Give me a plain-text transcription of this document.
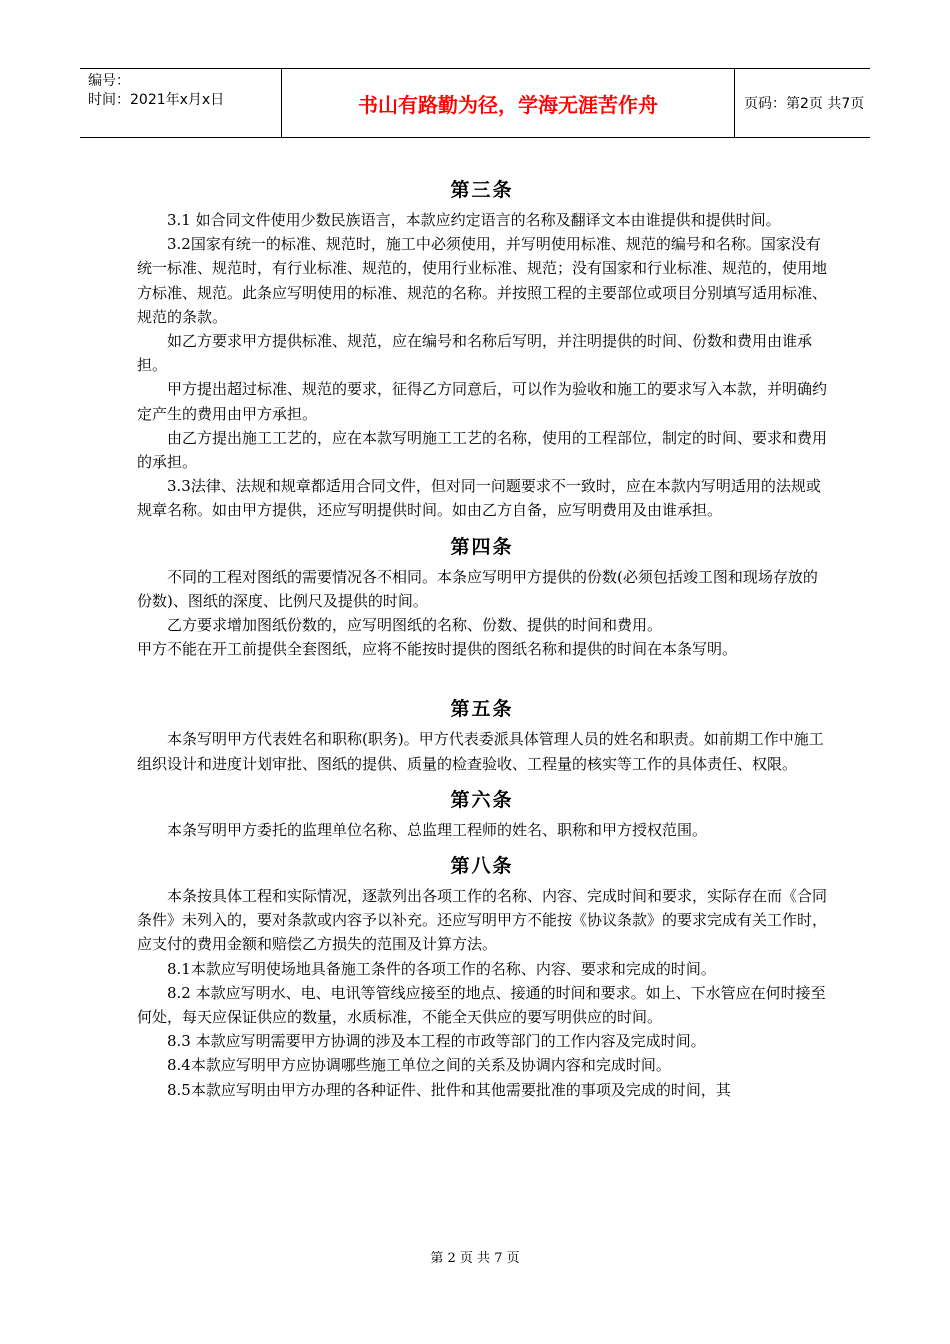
编号：
时间：2021年x月x日	书山有路勤为径，学海无涯苦作舟	页码：第2页 共7页
第三条

3.1 如合同文件使用少数民族语言，本款应约定语言的名称及翻译文本由谁提供和提供时间。

3.2国家有统一的标准、规范时，施工中必须使用，并写明使用标准、规范的编号和名称。国家没有统一标准、规范时，有行业标准、规范的，使用行业标准、规范；没有国家和行业标准、规范的，使用地方标准、规范。此条应写明使用的标准、规范的名称。并按照工程的主要部位或项目分别填写适用标准、规范的条款。

如乙方要求甲方提供标准、规范，应在编号和名称后写明，并注明提供的时间、份数和费用由谁承担。

甲方提出超过标准、规范的要求，征得乙方同意后，可以作为验收和施工的要求写入本款，并明确约定产生的费用由甲方承担。

由乙方提出施工工艺的，应在本款写明施工工艺的名称，使用的工程部位，制定的时间、要求和费用的承担。

3.3法律、法规和规章都适用合同文件，但对同一问题要求不一致时，应在本款内写明适用的法规或规章名称。如由甲方提供，还应写明提供时间。如由乙方自备，应写明费用及由谁承担。

第四条

不同的工程对图纸的需要情况各不相同。本条应写明甲方提供的份数(必须包括竣工图和现场存放的份数)、图纸的深度、比例尺及提供的时间。

乙方要求增加图纸份数的，应写明图纸的名称、份数、提供的时间和费用。

甲方不能在开工前提供全套图纸，应将不能按时提供的图纸名称和提供的时间在本条写明。

第五条

本条写明甲方代表姓名和职称(职务)。甲方代表委派具体管理人员的姓名和职责。如前期工作中施工组织设计和进度计划审批、图纸的提供、质量的检查验收、工程量的核实等工作的具体责任、权限。

第六条

本条写明甲方委托的监理单位名称、总监理工程师的姓名、职称和甲方授权范围。

第八条

本条按具体工程和实际情况，逐款列出各项工作的名称、内容、完成时间和要求，实际存在而《合同条件》未列入的，要对条款或内容予以补充。还应写明甲方不能按《协议条款》的要求完成有关工作时，应支付的费用金额和赔偿乙方损失的范围及计算方法。

8.1本款应写明使场地具备施工条件的各项工作的名称、内容、要求和完成的时间。

8.2 本款应写明水、电、电讯等管线应接至的地点、接通的时间和要求。如上、下水管应在何时接至何处，每天应保证供应的数量，水质标准，不能全天供应的要写明供应的时间。

8.3 本款应写明需要甲方协调的涉及本工程的市政等部门的工作内容及完成时间。

8.4本款应写明甲方应协调哪些施工单位之间的关系及协调内容和完成时间。

8.5本款应写明由甲方办理的各种证件、批件和其他需要批准的事项及完成的时间，其

第 2 页 共 7 页
